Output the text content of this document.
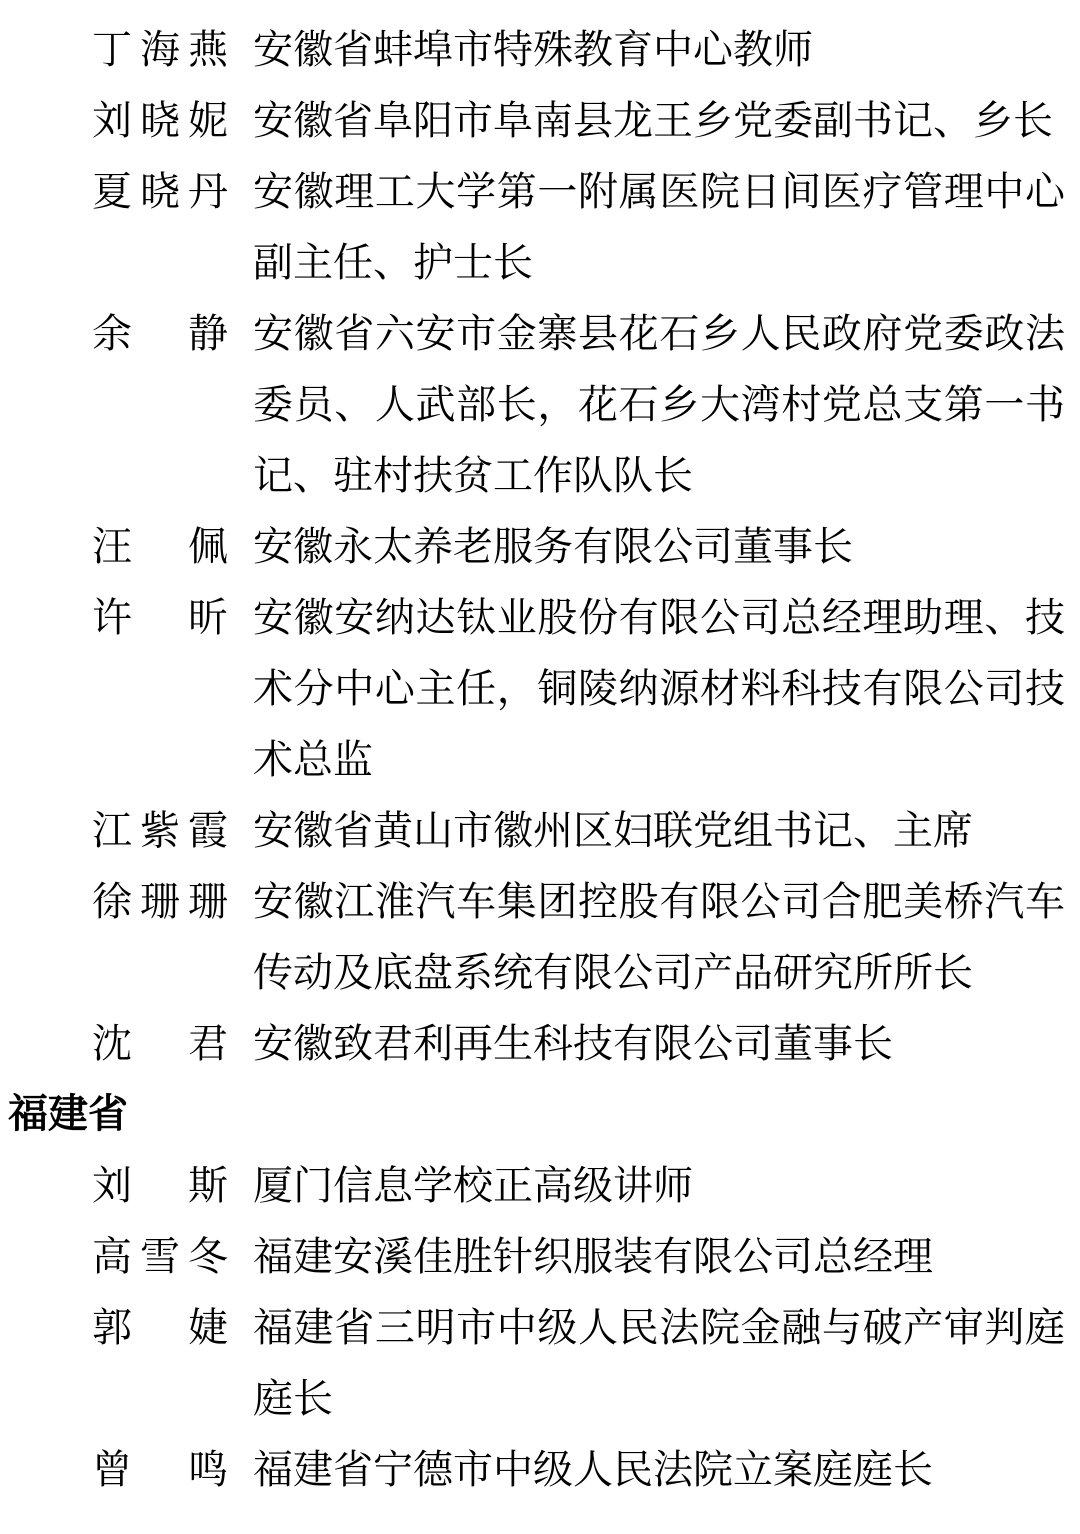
丁海燕 安徽省蚌埠市特殊教育中心教师
刘晓妮 安徽省阜阳市阜南县龙王乡党委副书记、乡长
夏晓丹 安徽理工大学第一附属医院日间医疗管理中心副主任、护士长
余静 安徽省六安市金寨县花石乡人民政府党委政法委员、人武部长，花石乡大湾村党总支第一书记、驻村扶贫工作队队长
汪佩 安徽永太养老服务有限公司董事长
许昕 安徽安纳达钛业股份有限公司总经理助理、技术分中心主任，铜陵纳源材料科技有限公司技术总监
江紫霞 安徽省黄山市徽州区妇联党组书记、主席
徐珊珊 安徽江淮汽车集团控股有限公司合肥美桥汽车传动及底盘系统有限公司产品研究所所长
沈君 安徽致君利再生科技有限公司董事长
福建省
刘斯 厦门信息学校正高级讲师
高雪冬 福建安溪佳胜针织服装有限公司总经理
郭婕 福建省三明市中级人民法院金融与破产审判庭庭长
曾鸣 福建省宁德市中级人民法院立案庭庭长
